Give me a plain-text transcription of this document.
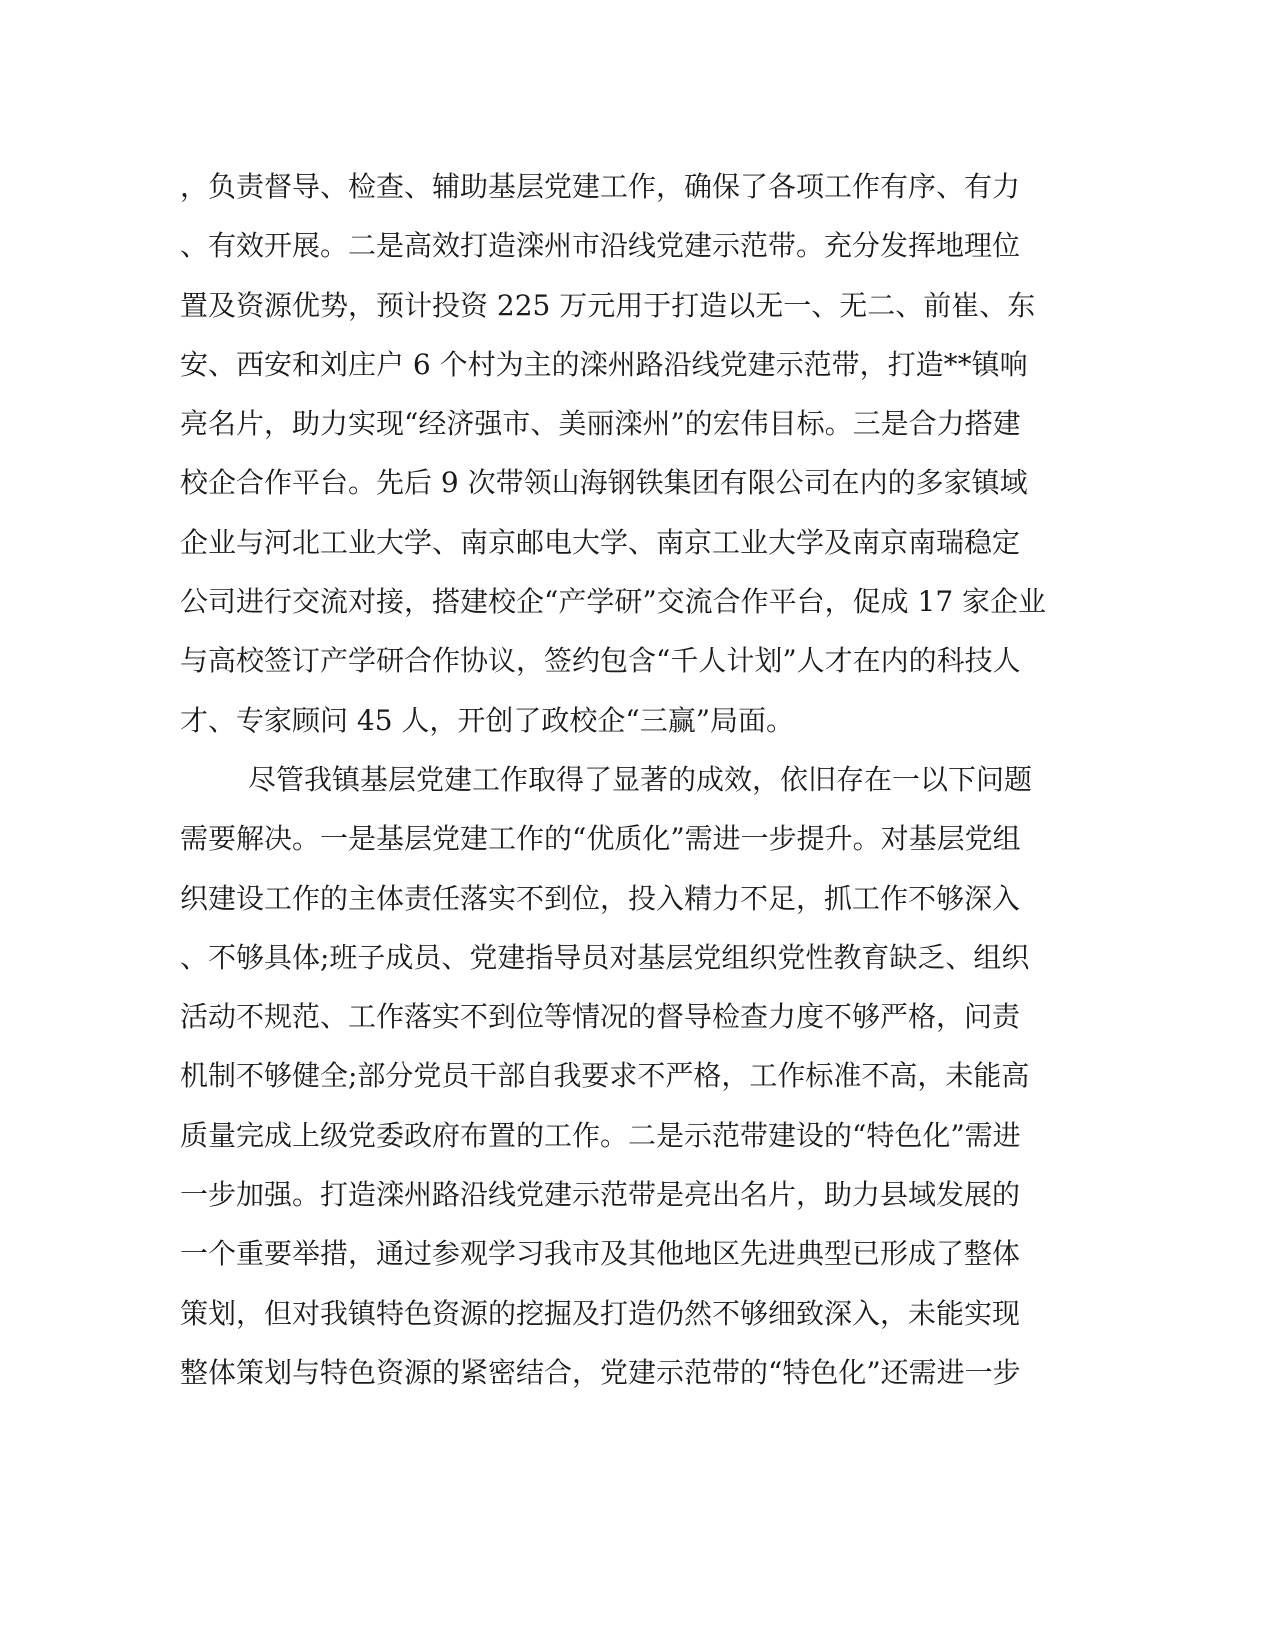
，负责督导、检查、辅助基层党建工作，确保了各项工作有序、有力
、有效开展。二是高效打造滦州市沿线党建示范带。充分发挥地理位
置及资源优势，预计投资 225 万元用于打造以无一、无二、前崔、东
安、西安和刘庄户 6 个村为主的滦州路沿线党建示范带，打造**镇响
亮名片，助力实现“经济强市、美丽滦州”的宏伟目标。三是合力搭建
校企合作平台。先后 9 次带领山海钢铁集团有限公司在内的多家镇域
企业与河北工业大学、南京邮电大学、南京工业大学及南京南瑞稳定
公司进行交流对接，搭建校企“产学研”交流合作平台，促成 17 家企业
与高校签订产学研合作协议，签约包含“千人计划”人才在内的科技人
才、专家顾问 45 人，开创了政校企“三赢”局面。
尽管我镇基层党建工作取得了显著的成效，依旧存在一以下问题
需要解决。一是基层党建工作的“优质化”需进一步提升。对基层党组
织建设工作的主体责任落实不到位，投入精力不足，抓工作不够深入
、不够具体;班子成员、党建指导员对基层党组织党性教育缺乏、组织
活动不规范、工作落实不到位等情况的督导检查力度不够严格，问责
机制不够健全;部分党员干部自我要求不严格，工作标准不高，未能高
质量完成上级党委政府布置的工作。二是示范带建设的“特色化”需进
一步加强。打造滦州路沿线党建示范带是亮出名片，助力县域发展的
一个重要举措，通过参观学习我市及其他地区先进典型已形成了整体
策划，但对我镇特色资源的挖掘及打造仍然不够细致深入，未能实现
整体策划与特色资源的紧密结合，党建示范带的“特色化”还需进一步
